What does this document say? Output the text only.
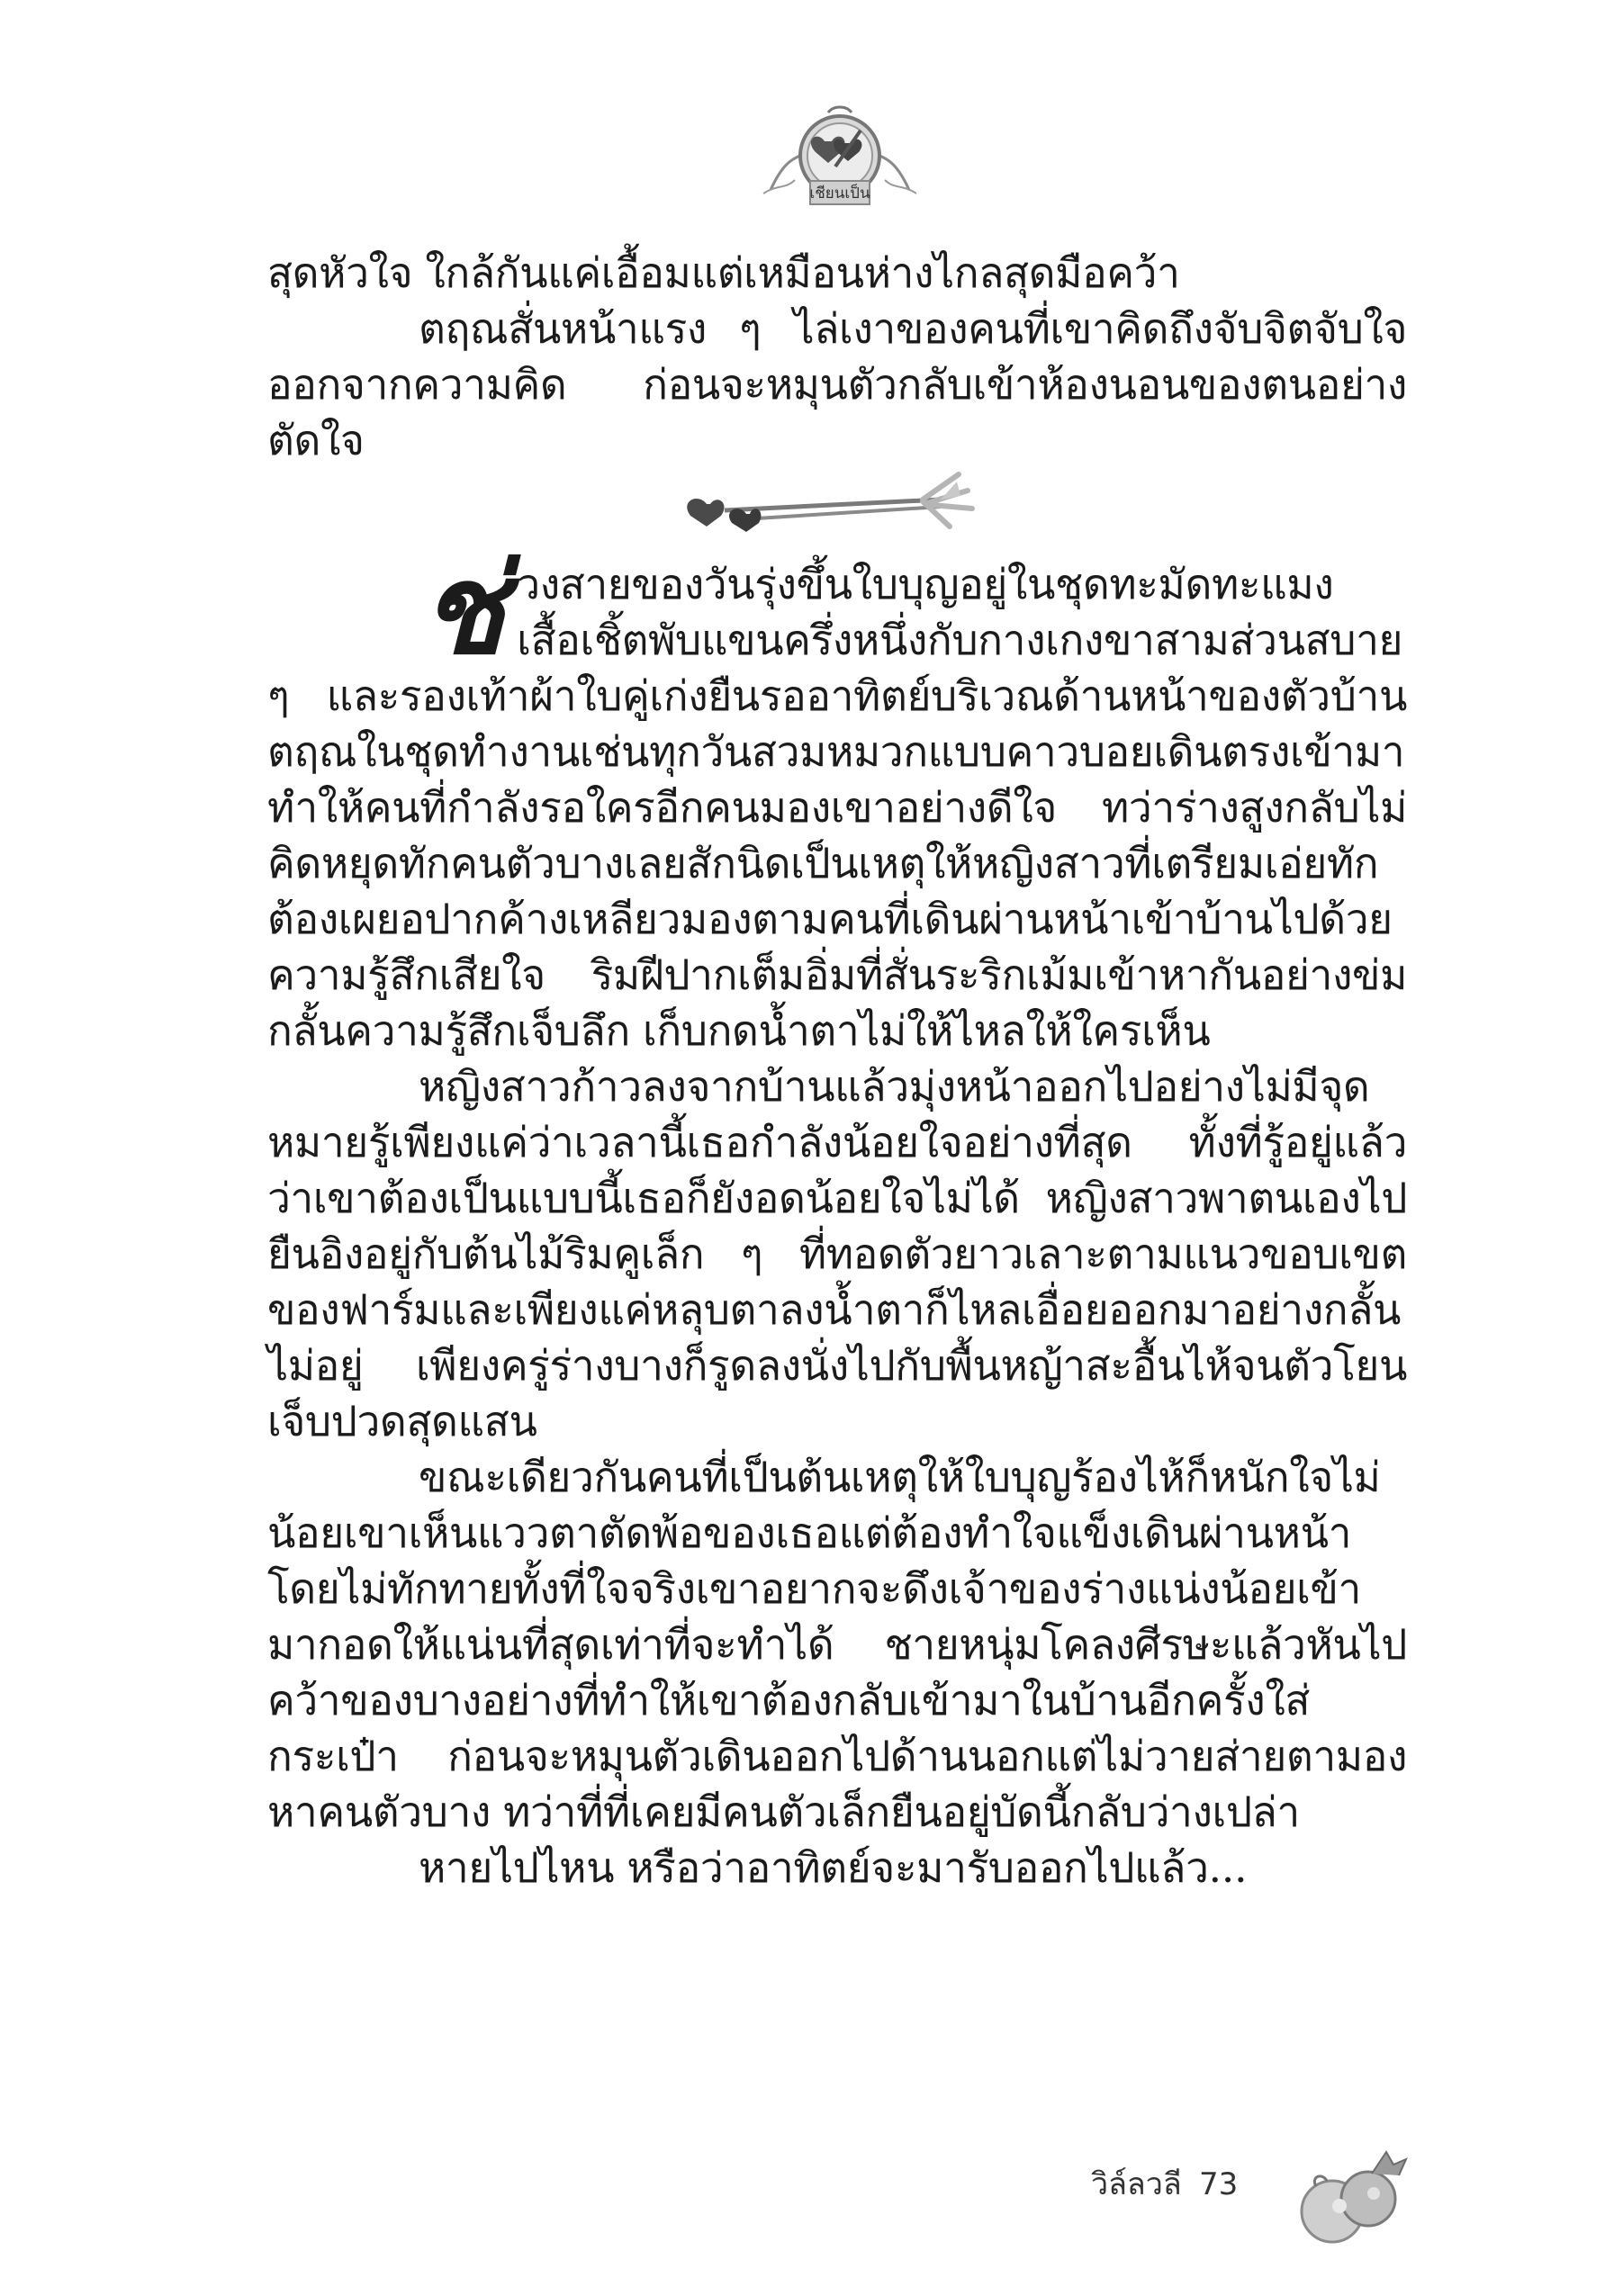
เชียนเป็น

สุดหัวใจ ใกล้กันแค่เอื้อมแต่เหมือนห่างไกลสุดมือคว้า

ตฤณสั่นหน้าแรง ๆ ไล่เงาของคนที่เขาคิดถึงจับจิตจับใจออกจากความคิด ก่อนจะหมุนตัวกลับเข้าห้องนอนของตนอย่างตัดใจ

ช่วงสายของวันรุ่งขึ้นใบบุญอยู่ในชุดทะมัดทะแมง เสื้อเชิ้ตพับแขนครึ่งหนึ่งกับกางเกงขาสามส่วนสบาย ๆ และรองเท้าผ้าใบคู่เก่งยืนรออาทิตย์บริเวณด้านหน้าของตัวบ้าน ตฤณในชุดทำงานเช่นทุกวันสวมหมวกแบบคาวบอยเดินตรงเข้ามา ทำให้คนที่กำลังรอใครอีกคนมองเขาอย่างดีใจ ทว่าร่างสูงกลับไม่คิดหยุดทักคนตัวบางเลยสักนิดเป็นเหตุให้หญิงสาวที่เตรียมเอ่ยทักต้องเผยอปากค้างเหลียวมองตามคนที่เดินผ่านหน้าเข้าบ้านไปด้วยความรู้สึกเสียใจ ริมฝีปากเต็มอิ่มที่สั่นระริกเม้มเข้าหากันอย่างข่มกลั้นความรู้สึกเจ็บลึก เก็บกดน้ำตาไม่ให้ไหลให้ใครเห็น

หญิงสาวก้าวลงจากบ้านแล้วมุ่งหน้าออกไปอย่างไม่มีจุดหมายรู้เพียงแค่ว่าเวลานี้เธอกำลังน้อยใจอย่างที่สุด ทั้งที่รู้อยู่แล้วว่าเขาต้องเป็นแบบนี้เธอก็ยังอดน้อยใจไม่ได้ หญิงสาวพาตนเองไปยืนอิงอยู่กับต้นไม้ริมคูเล็ก ๆ ที่ทอดตัวยาวเลาะตามแนวขอบเขตของฟาร์มและเพียงแค่หลุบตาลงน้ำตาก็ไหลเอื่อยออกมาอย่างกลั้นไม่อยู่ เพียงครู่ร่างบางก็รูดลงนั่งไปกับพื้นหญ้าสะอื้นไห้จนตัวโยนเจ็บปวดสุดแสน

ขณะเดียวกันคนที่เป็นต้นเหตุให้ใบบุญร้องไห้ก็หนักใจไม่น้อยเขาเห็นแววตาตัดพ้อของเธอแต่ต้องทำใจแข็งเดินผ่านหน้าโดยไม่ทักทายทั้งที่ใจจริงเขาอยากจะดึงเจ้าของร่างแน่งน้อยเข้ามากอดให้แน่นที่สุดเท่าที่จะทำได้ ชายหนุ่มโคลงศีรษะแล้วหันไปคว้าของบางอย่างที่ทำให้เขาต้องกลับเข้ามาในบ้านอีกครั้งใส่กระเป๋า ก่อนจะหมุนตัวเดินออกไปด้านนอกแต่ไม่วายส่ายตามองหาคนตัวบาง ทว่าที่ที่เคยมีคนตัวเล็กยืนอยู่บัดนี้กลับว่างเปล่า

หายไปไหน หรือว่าอาทิตย์จะมารับออกไปแล้ว...

วิล์ลวลี 73
